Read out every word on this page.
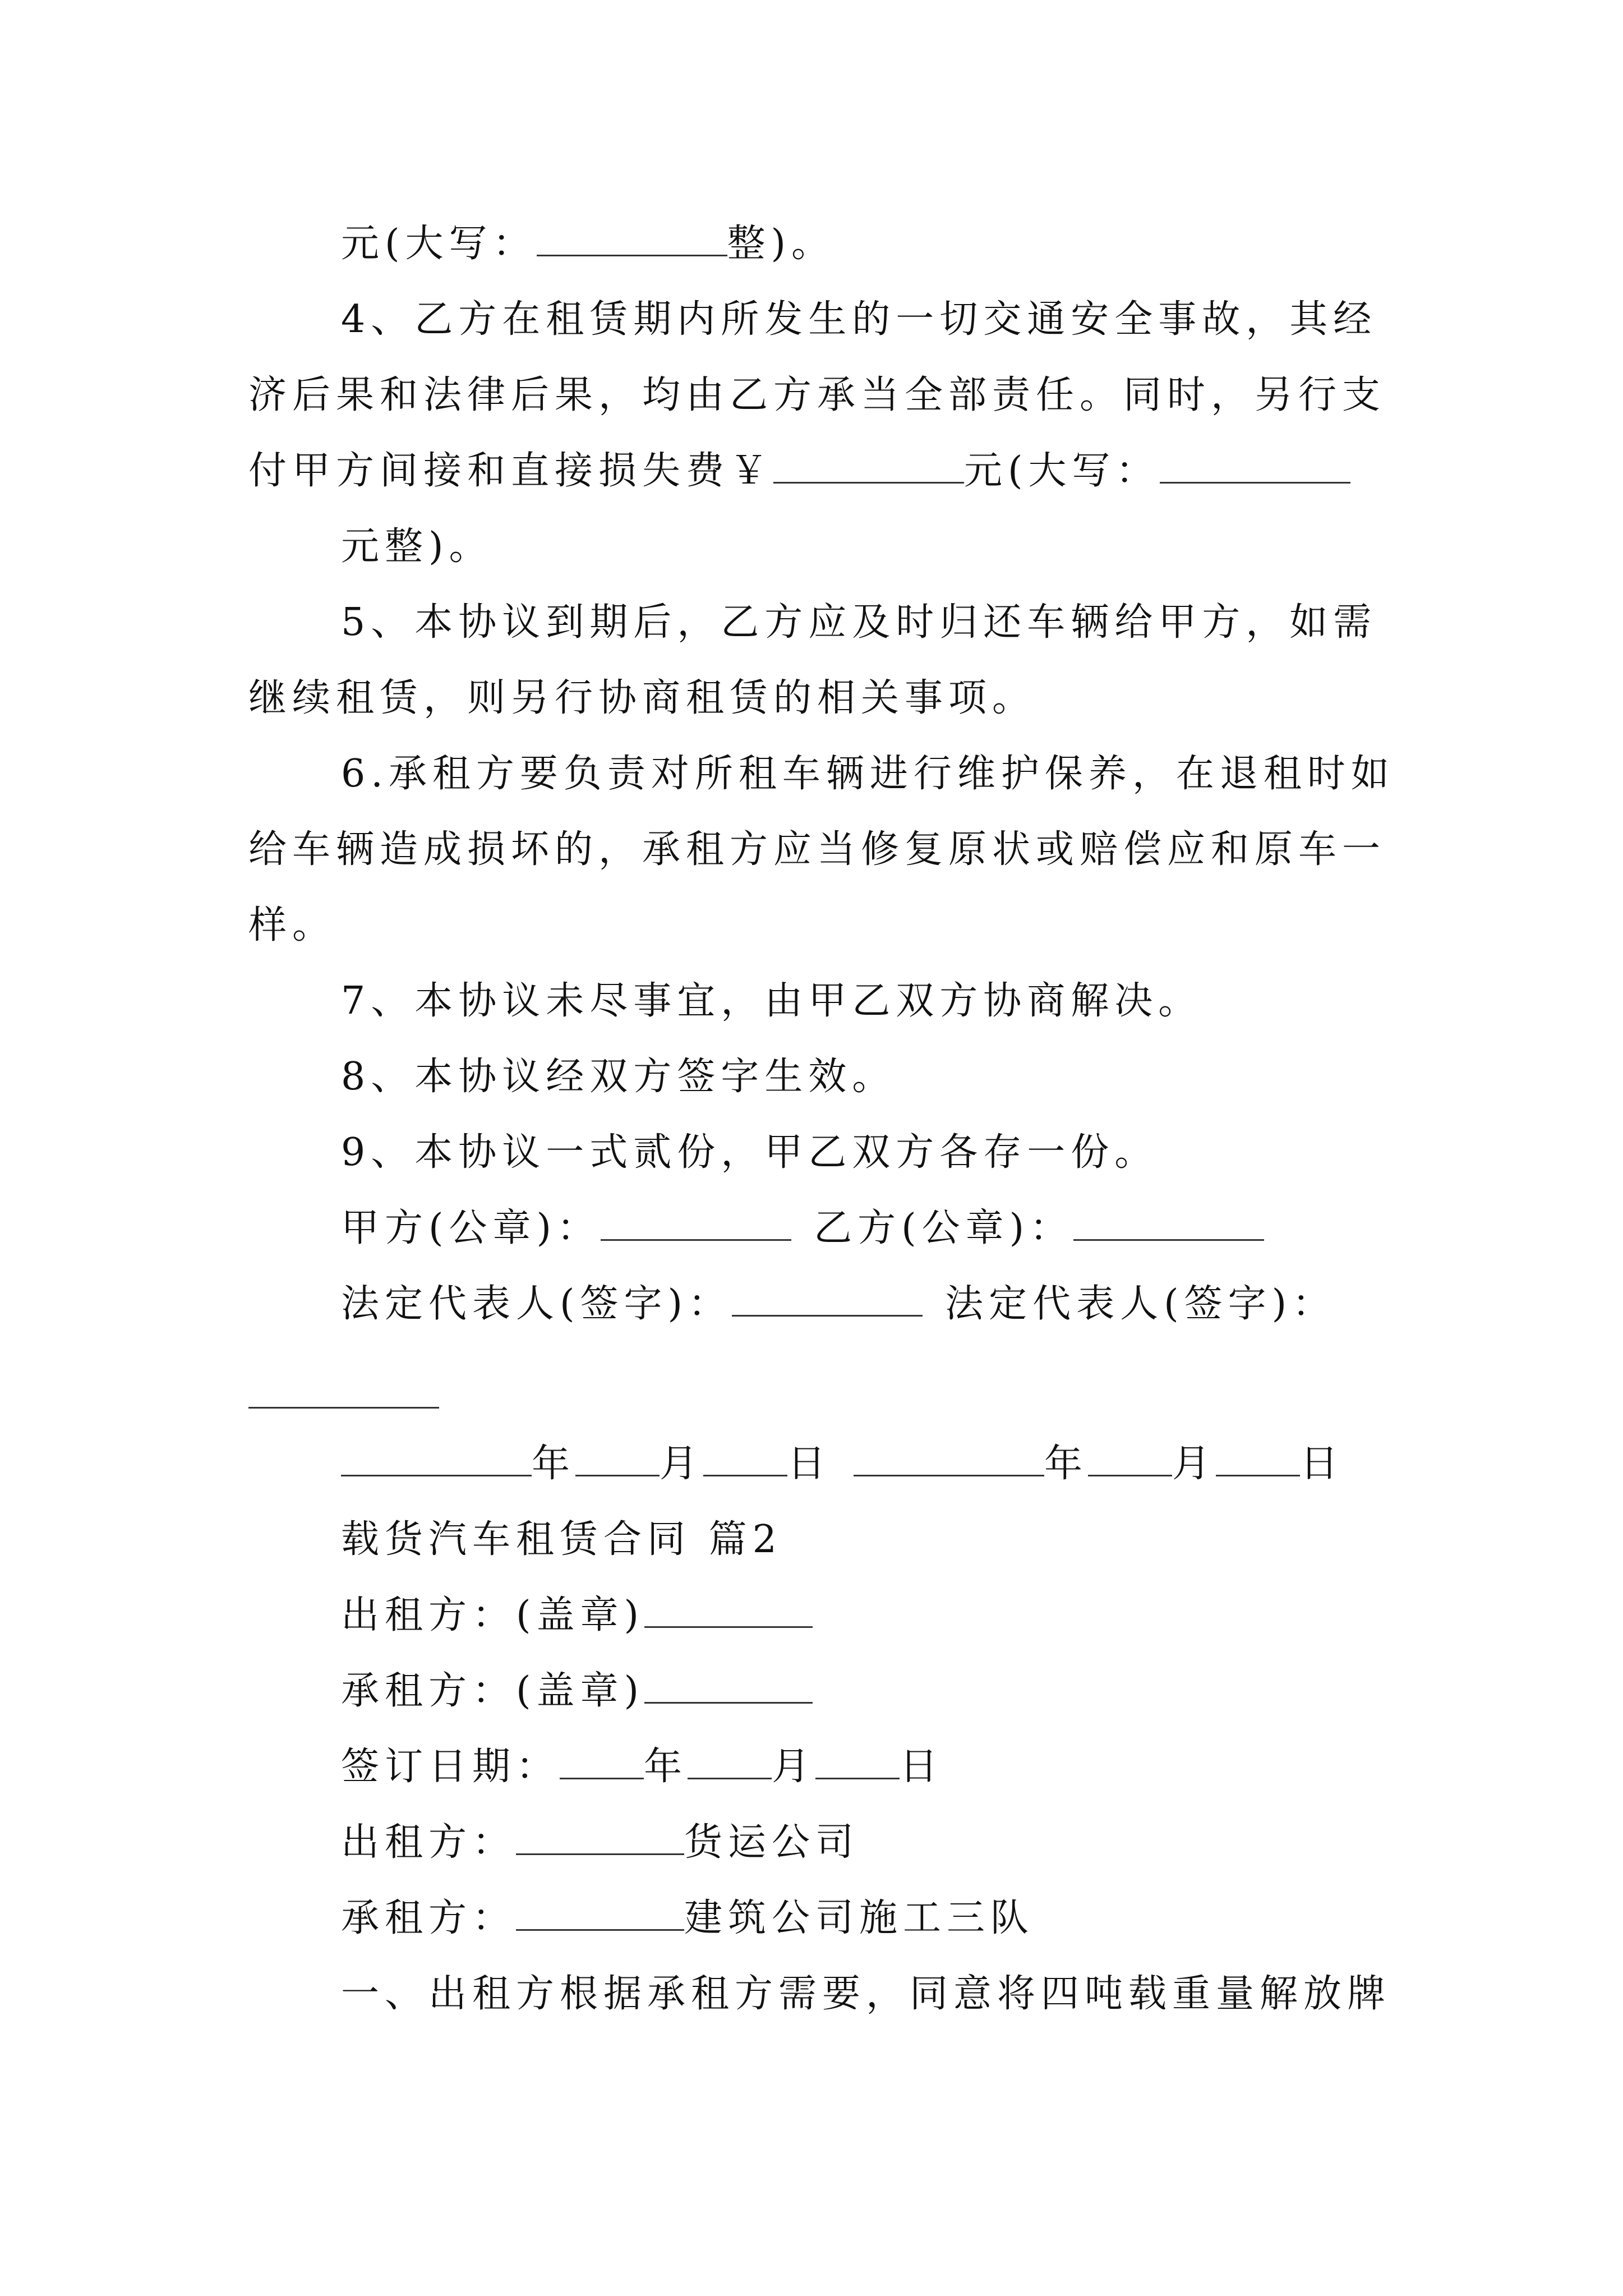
元(大写：	整)。
4、乙方在租赁期内所发生的一切交通安全事故，其经
济后果和法律后果，均由乙方承当全部责任。同时，另行支
付甲方间接和直接损失费￥	元(大写：
元整)。
5、本协议到期后，乙方应及时归还车辆给甲方，如需
继续租赁，则另行协商租赁的相关事项。
6.承租方要负责对所租车辆进行维护保养，在退租时如
给车辆造成损坏的，承租方应当修复原状或赔偿应和原车一
样。
7、本协议未尽事宜，由甲乙双方协商解决。
8、本协议经双方签字生效。
9、本协议一式贰份，甲乙双方各存一份。
甲方(公章)：	乙方(公章)：
法定代表人(签字)：	法定代表人(签字)：
年 月 日	年 月 日
载货汽车租赁合同 篇2
出租方：(盖章)
承租方：(盖章)
签订日期： 年 月 日
出租方：	货运公司
承租方：	建筑公司施工三队
一、出租方根据承租方需要，同意将四吨载重量解放牌
